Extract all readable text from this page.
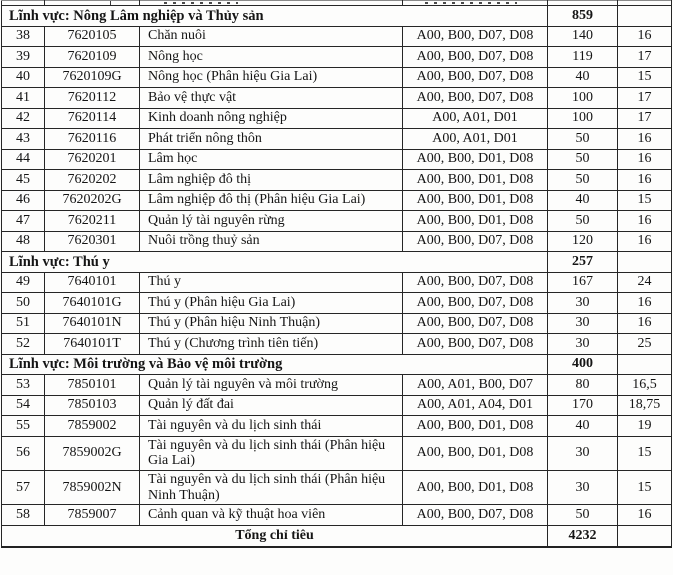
Lĩnh vực: Nông Lâm nghiệp và Thủy sản				859	
38	7620105	Chăn nuôi	A00, B00, D07, D08	140	16
39	7620109	Nông học	A00, B00, D07, D08	119	17
40	7620109G	Nông học (Phân hiệu Gia Lai)	A00, B00, D07, D08	40	15
41	7620112	Bảo vệ thực vật	A00, B00, D07, D08	100	17
42	7620114	Kinh doanh nông nghiệp	A00, A01, D01	100	17
43	7620116	Phát triển nông thôn	A00, A01, D01	50	16
44	7620201	Lâm học	A00, B00, D01, D08	50	16
45	7620202	Lâm nghiệp đô thị	A00, B00, D01, D08	50	16
46	7620202G	Lâm nghiệp đô thị (Phân hiệu Gia Lai)	A00, B00, D01, D08	40	15
47	7620211	Quản lý tài nguyên rừng	A00, B00, D01, D08	50	16
48	7620301	Nuôi trồng thuỷ sản	A00, B00, D07, D08	120	16
Lĩnh vực: Thú y				257	
49	7640101	Thú y	A00, B00, D07, D08	167	24
50	7640101G	Thú y (Phân hiệu Gia Lai)	A00, B00, D07, D08	30	16
51	7640101N	Thú y (Phân hiệu Ninh Thuận)	A00, B00, D07, D08	30	16
52	7640101T	Thú y (Chương trình tiên tiến)	A00, B00, D07, D08	30	25
Lĩnh vực: Môi trường và Bảo vệ môi trường				400	
53	7850101	Quản lý tài nguyên và môi trường	A00, A01, B00, D07	80	16,5
54	7850103	Quản lý đất đai	A00, A01, A04, D01	170	18,75
55	7859002	Tài nguyên và du lịch sinh thái	A00, B00, D01, D08	40	19
56	7859002G	Tài nguyên và du lịch sinh thái (Phân hiệu Gia Lai)	A00, B00, D01, D08	30	15
57	7859002N	Tài nguyên và du lịch sinh thái (Phân hiệu Ninh Thuận)	A00, B00, D01, D08	30	15
58	7859007	Cảnh quan và kỹ thuật hoa viên	A00, B00, D07, D08	50	16
Tổng chỉ tiêu				4232	
